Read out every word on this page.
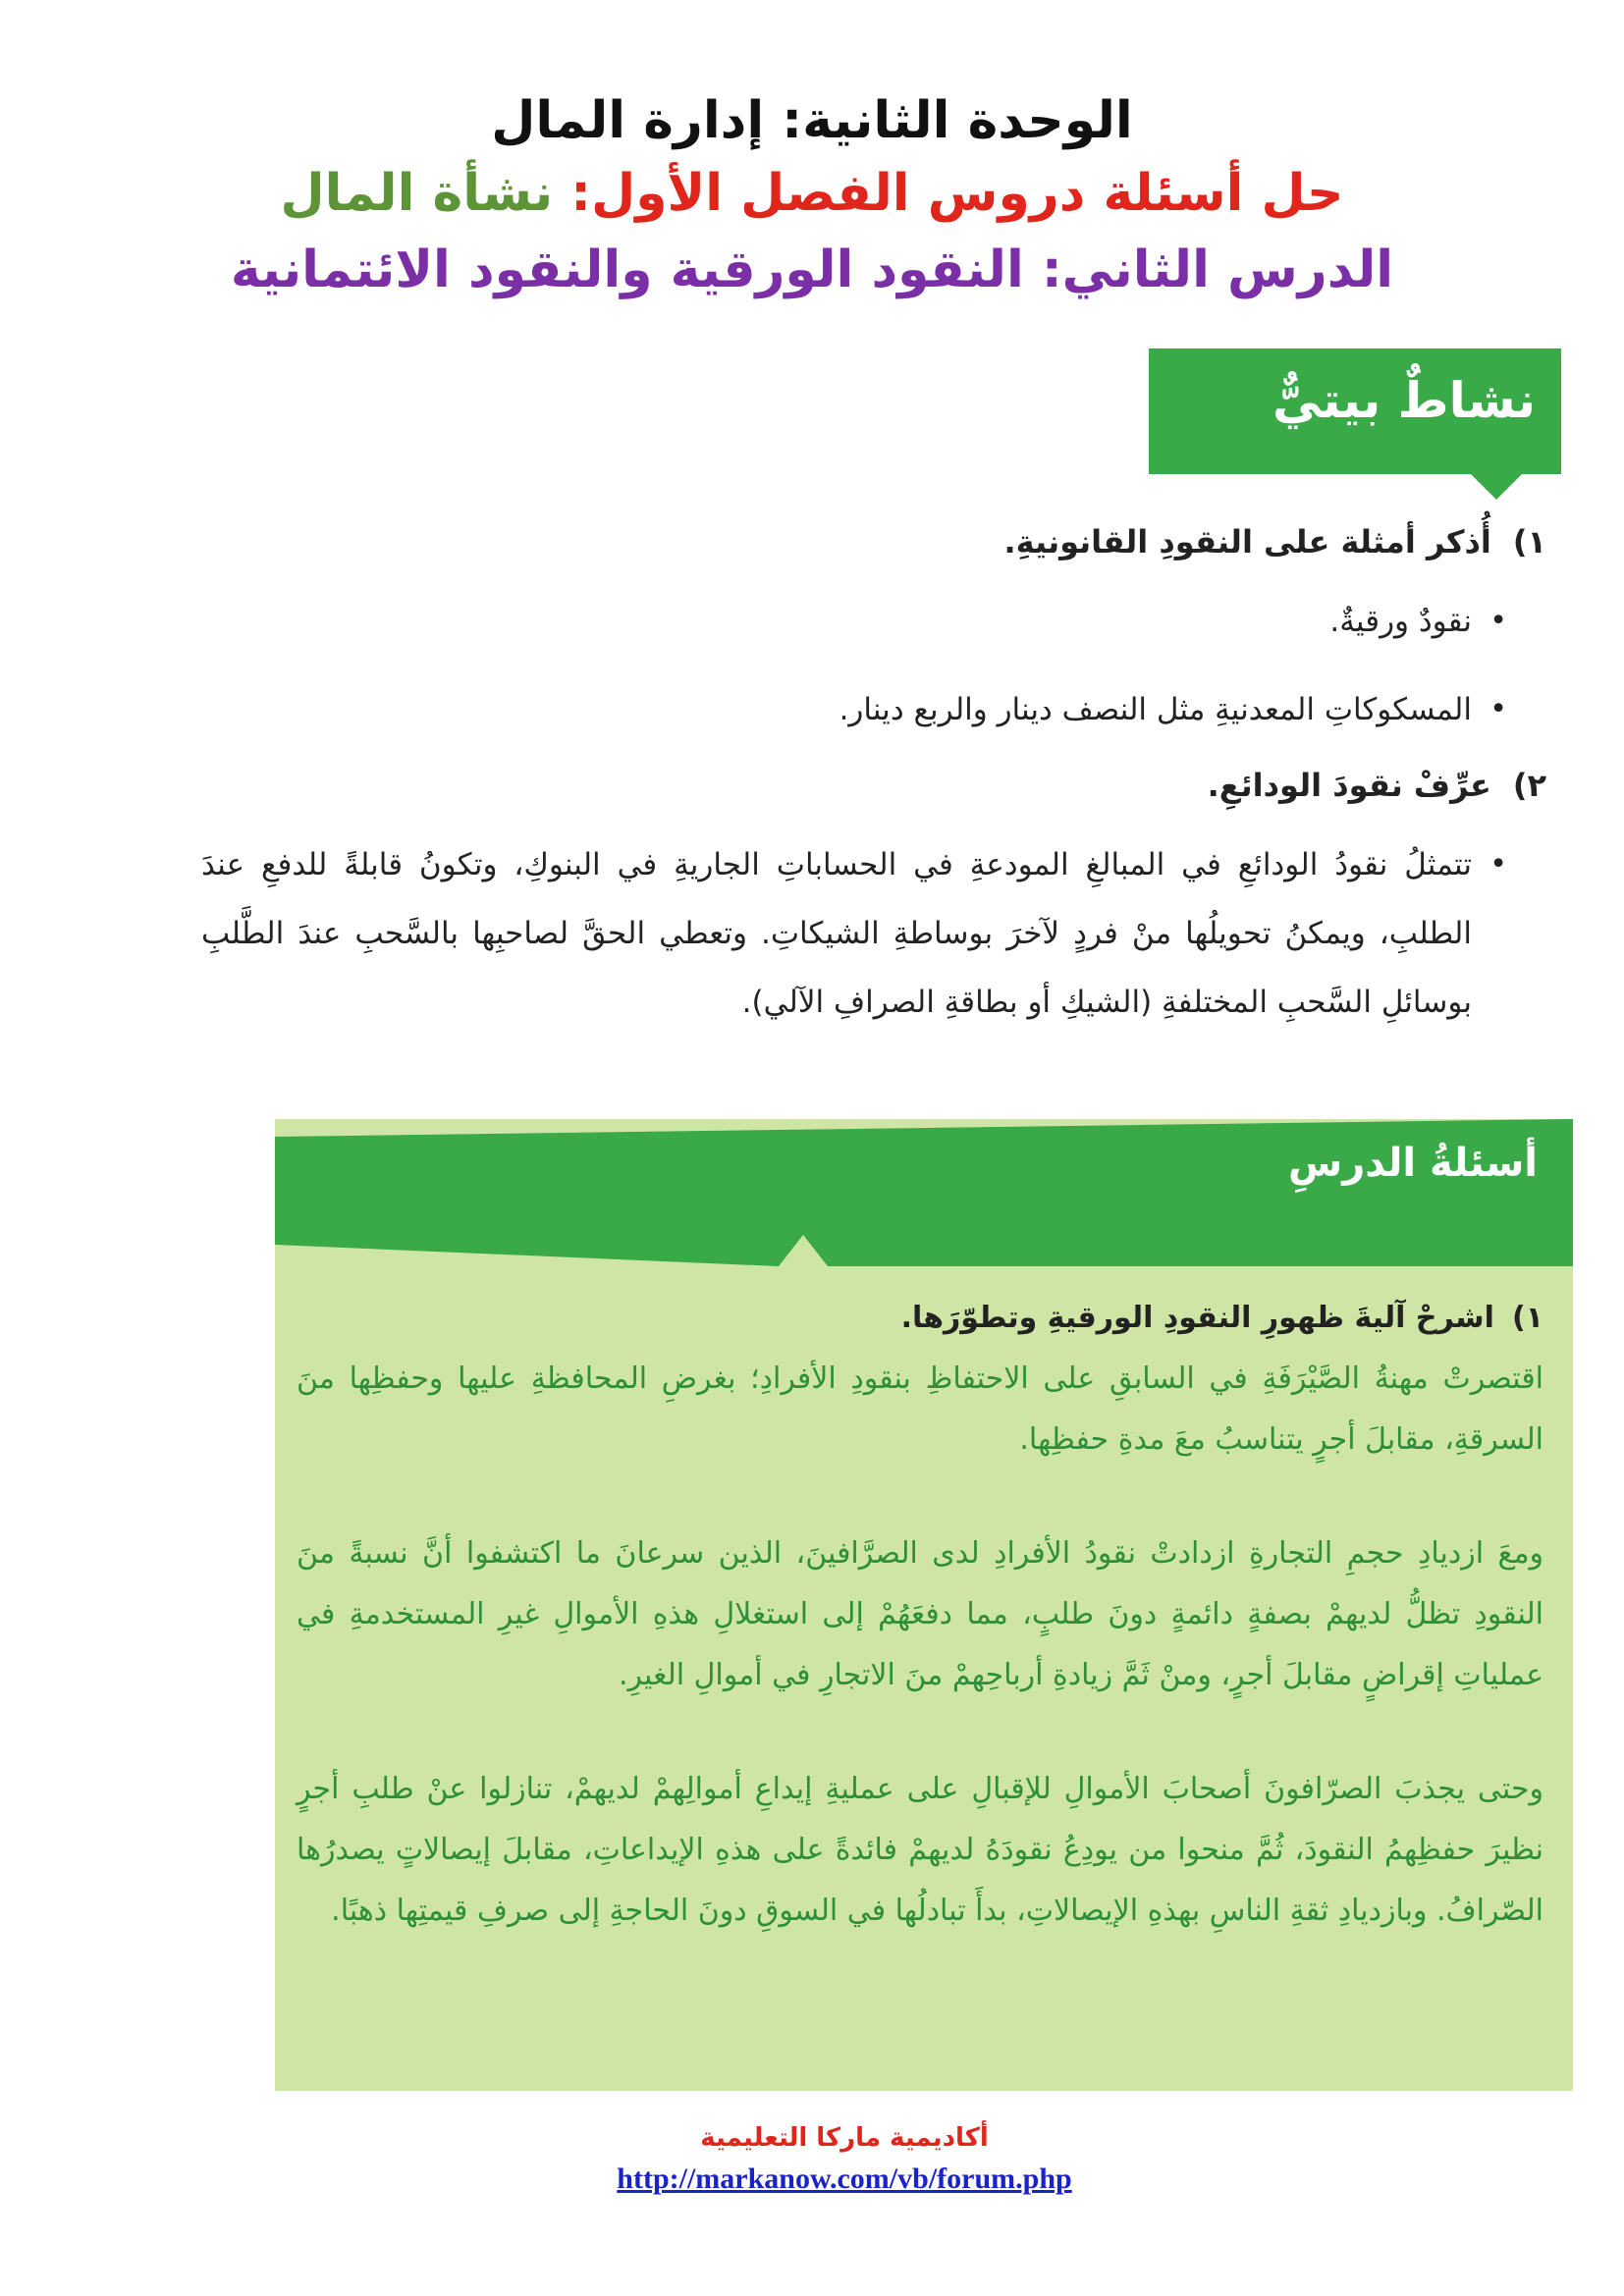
الوحدة الثانية: إدارة المال
حل أسئلة دروس الفصل الأول: نشأة المال
الدرس الثاني: النقود الورقية والنقود الائتمانية
نشاطٌ بيتيٌّ

١)أُذكر أمثلة على النقودِ القانونيةِ.

• نقودٌ ورقيةٌ.
• المسكوكاتِ المعدنيةِ مثل النصف دينار والربع دينار.

٢)عرِّفْ نقودَ الودائعِ.

• تتمثلُ نقودُ الودائعِ في المبالغِ المودعةِ في الحساباتِ الجاريةِ في البنوكِ، وتكونُ قابلةً للدفعِ عندَ الطلبِ، ويمكنُ تحويلُها منْ فردٍ لآخرَ بوساطةِ الشيكاتِ. وتعطي الحقَّ لصاحبِها بالسَّحبِ عندَ الطَّلبِ بوسائلِ السَّحبِ المختلفةِ (الشيكِ أو بطاقةِ الصرافِ الآلي).
أسئلةُ الدرسِ

١)اشرحْ آليةَ ظهورِ النقودِ الورقيةِ وتطوّرَها.

اقتصرتْ مهنةُ الصَّيْرَفَةِ في السابقِ على الاحتفاظِ بنقودِ الأفرادِ؛ بغرضِ المحافظةِ عليها وحفظِها منَ السرقةِ، مقابلَ أجرٍ يتناسبُ معَ مدةِ حفظِها.

ومعَ ازديادِ حجمِ التجارةِ ازدادتْ نقودُ الأفرادِ لدى الصرَّافينَ، الذين سرعانَ ما اكتشفوا أنَّ نسبةً منَ النقودِ تظلُّ لديهمْ بصفةٍ دائمةٍ دونَ طلبٍ، مما دفعَهُمْ إلى استغلالِ هذهِ الأموالِ غيرِ المستخدمةِ في عملياتِ إقراضٍ مقابلَ أجرٍ، ومنْ ثَمَّ زيادةِ أرباحِهمْ منَ الاتجارِ في أموالِ الغيرِ.

وحتى يجذبَ الصرّافونَ أصحابَ الأموالِ للإقبالِ على عمليةِ إيداعِ أموالِهمْ لديهمْ، تنازلوا عنْ طلبِ أجرٍ نظيرَ حفظِهمُ النقودَ، ثُمَّ منحوا من يودِعُ نقودَهُ لديهمْ فائدةً على هذهِ الإيداعاتِ، مقابلَ إيصالاتٍ يصدرُها الصّرافُ. وبازديادِ ثقةِ الناسِ بهذهِ الإيصالاتِ، بدأَ تبادلُها في السوقِ دونَ الحاجةِ إلى صرفِ قيمتِها ذهبًا.

أكاديمية ماركا التعليمية
http://markanow.com/vb/forum.php
